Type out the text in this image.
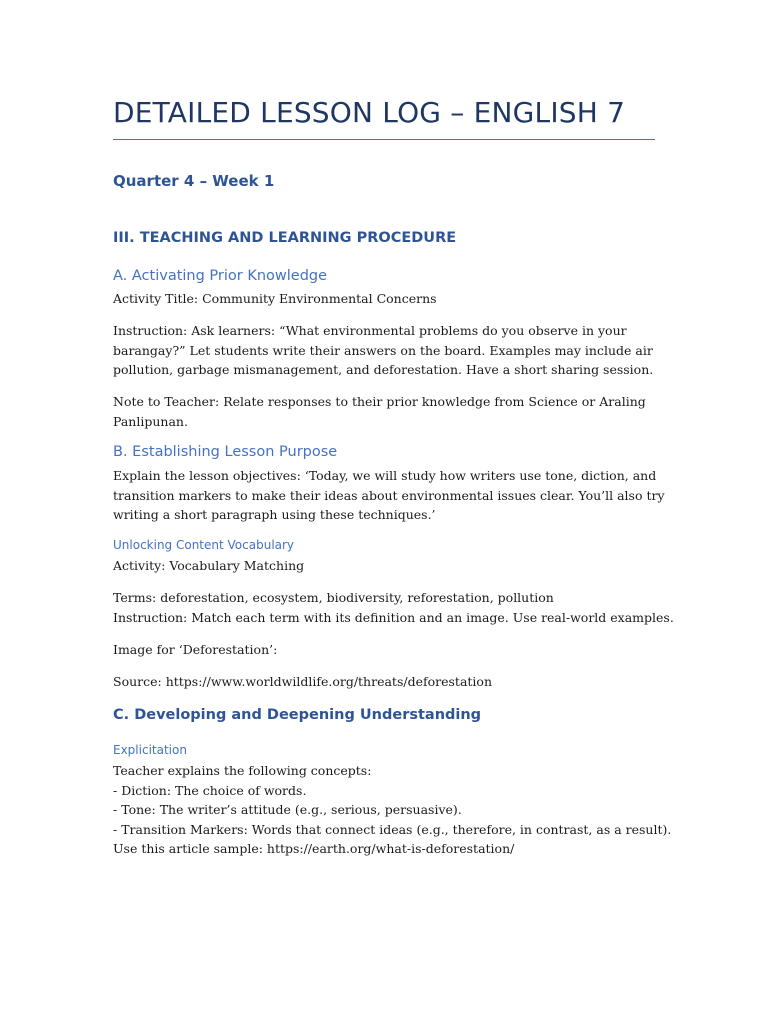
DETAILED LESSON LOG – ENGLISH 7
Quarter 4 – Week 1
III. TEACHING AND LEARNING PROCEDURE
A. Activating Prior Knowledge
Activity Title: Community Environmental Concerns
Instruction: Ask learners: “What environmental problems do you observe in your
barangay?” Let students write their answers on the board. Examples may include air
pollution, garbage mismanagement, and deforestation. Have a short sharing session.
Note to Teacher: Relate responses to their prior knowledge from Science or Araling
Panlipunan.
B. Establishing Lesson Purpose
Explain the lesson objectives: ‘Today, we will study how writers use tone, diction, and
transition markers to make their ideas about environmental issues clear. You’ll also try
writing a short paragraph using these techniques.’
Unlocking Content Vocabulary
Activity: Vocabulary Matching
Terms: deforestation, ecosystem, biodiversity, reforestation, pollution
Instruction: Match each term with its definition and an image. Use real-world examples.
Image for ‘Deforestation’:
Source: https://www.worldwildlife.org/threats/deforestation
C. Developing and Deepening Understanding
Explicitation
Teacher explains the following concepts:
- Diction: The choice of words.
- Tone: The writer’s attitude (e.g., serious, persuasive).
- Transition Markers: Words that connect ideas (e.g., therefore, in contrast, as a result).
Use this article sample: https://earth.org/what-is-deforestation/
